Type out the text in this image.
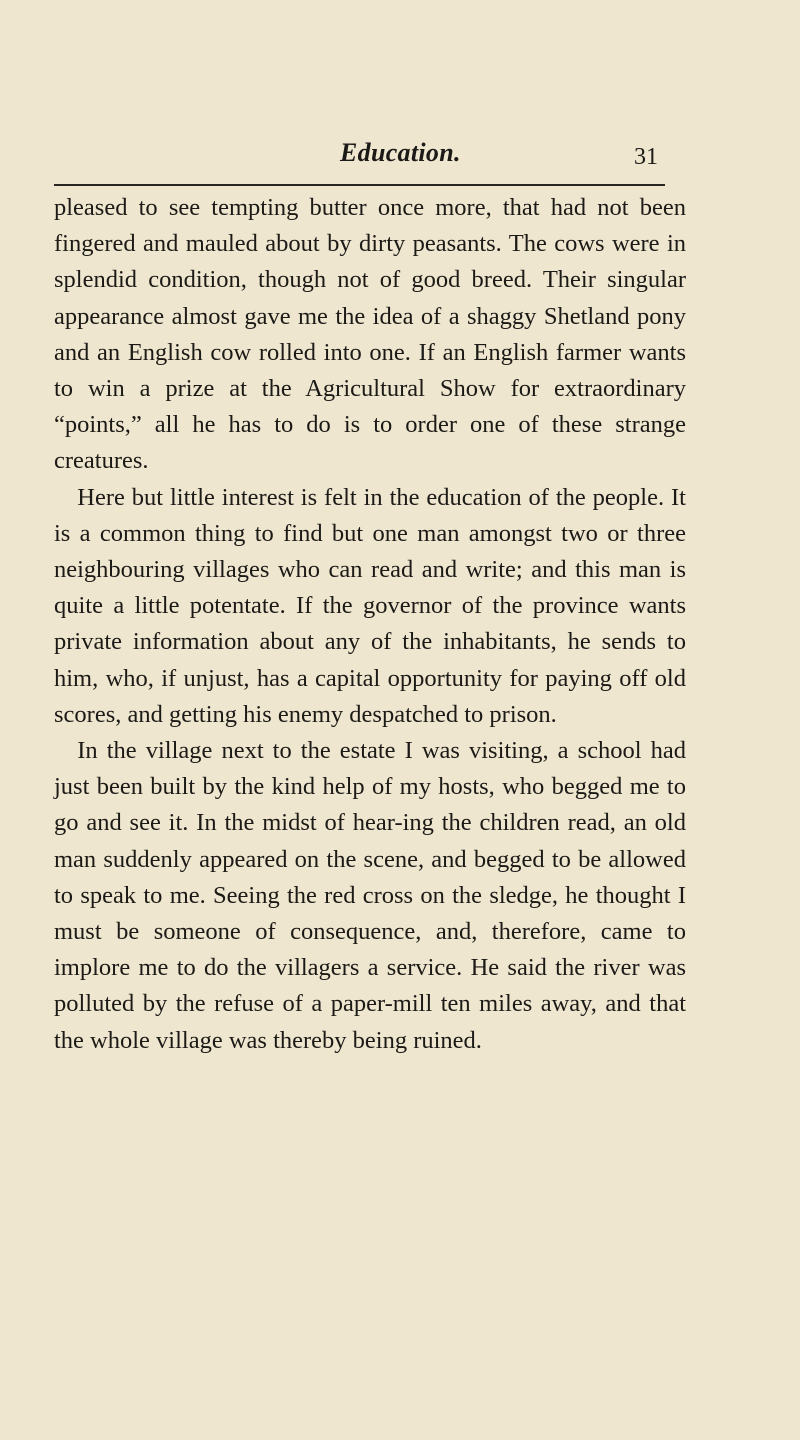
Education.	31

pleased to see tempting butter once more, that had not been fingered and mauled about by dirty peasants. The cows were in splendid condition, though not of good breed. Their singular appearance almost gave me the idea of a shaggy Shetland pony and an English cow rolled into one. If an English farmer wants to win a prize at the Agricultural Show for extraordinary “points,” all he has to do is to order one of these strange creatures.

Here but little interest is felt in the education of the people. It is a common thing to find but one man amongst two or three neighbouring villages who can read and write; and this man is quite a little potentate. If the governor of the province wants private information about any of the inhabitants, he sends to him, who, if unjust, has a capital opportunity for paying off old scores, and getting his enemy despatched to prison.

In the village next to the estate I was visiting, a school had just been built by the kind help of my hosts, who begged me to go and see it. In the midst of hear-ing the children read, an old man suddenly appeared on the scene, and begged to be allowed to speak to me. Seeing the red cross on the sledge, he thought I must be someone of consequence, and, therefore, came to implore me to do the villagers a service. He said the river was polluted by the refuse of a paper-mill ten miles away, and that the whole village was thereby being ruined.
